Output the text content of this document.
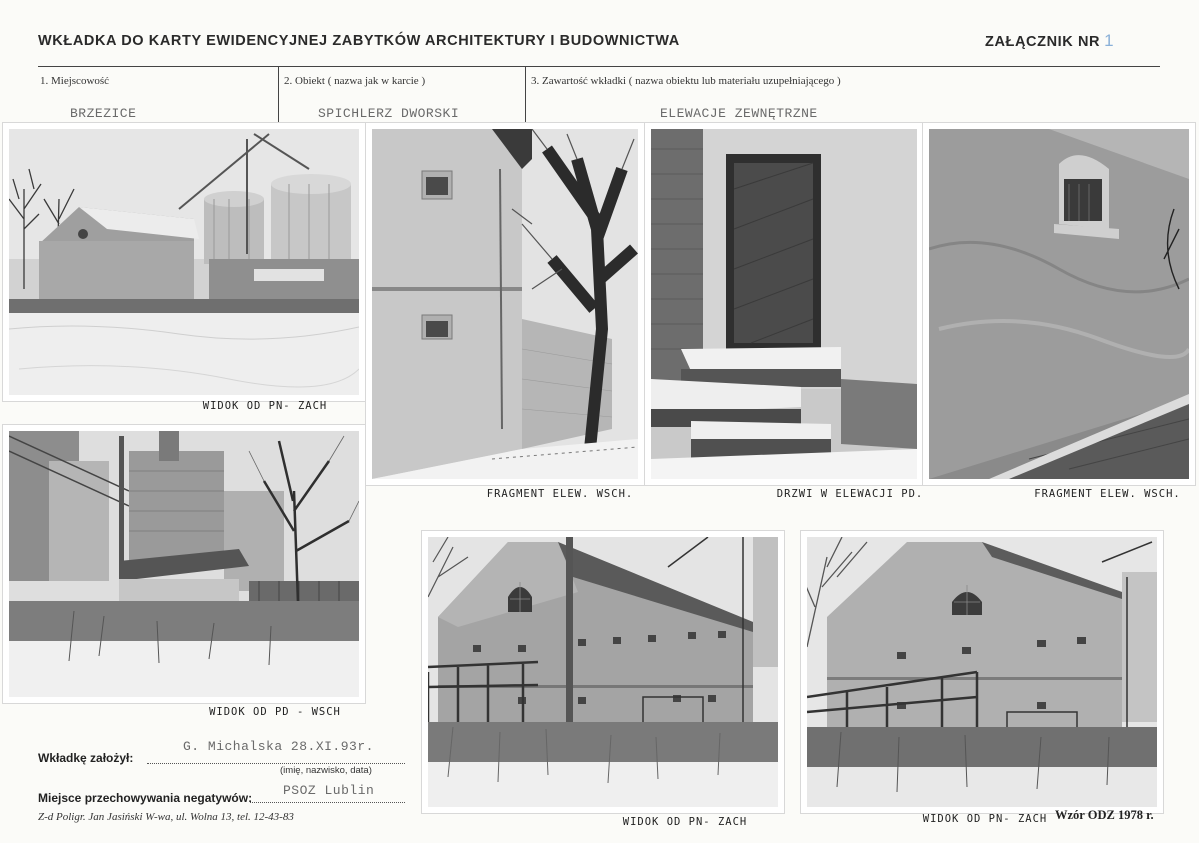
WKŁADKA DO KARTY EWIDENCYJNEJ ZABYTKÓW ARCHITEKTURY I BUDOWNICTWA	ZAŁĄCZNIK NR 1
1. Miejscowość	2. Obiekt ( nazwa jak w karcie )	3. Zawartość wkładki ( nazwa obiektu lub materiału uzupełniającego )
BRZEZICE	SPICHLERZ DWORSKI	ELEWACJE ZEWNĘTRZNE
WIDOK OD PN- ZACH
FRAGMENT ELEW. WSCH.	DRZWI W ELEWACJI PD.	FRAGMENT ELEW. WSCH.
WIDOK OD PD - WSCH
WIDOK OD PN- ZACH	WIDOK OD PN- ZACH
Wkładkę założył:
G. Michalska 28.XI.93r.
(imię, nazwisko, data)
Miejsce przechowywania negatywów: PSOZ Lublin
Z-d Poligr. Jan Jasiński W-wa, ul. Wolna 13, tel. 12-43-83	Wzór ODZ 1978 r.
